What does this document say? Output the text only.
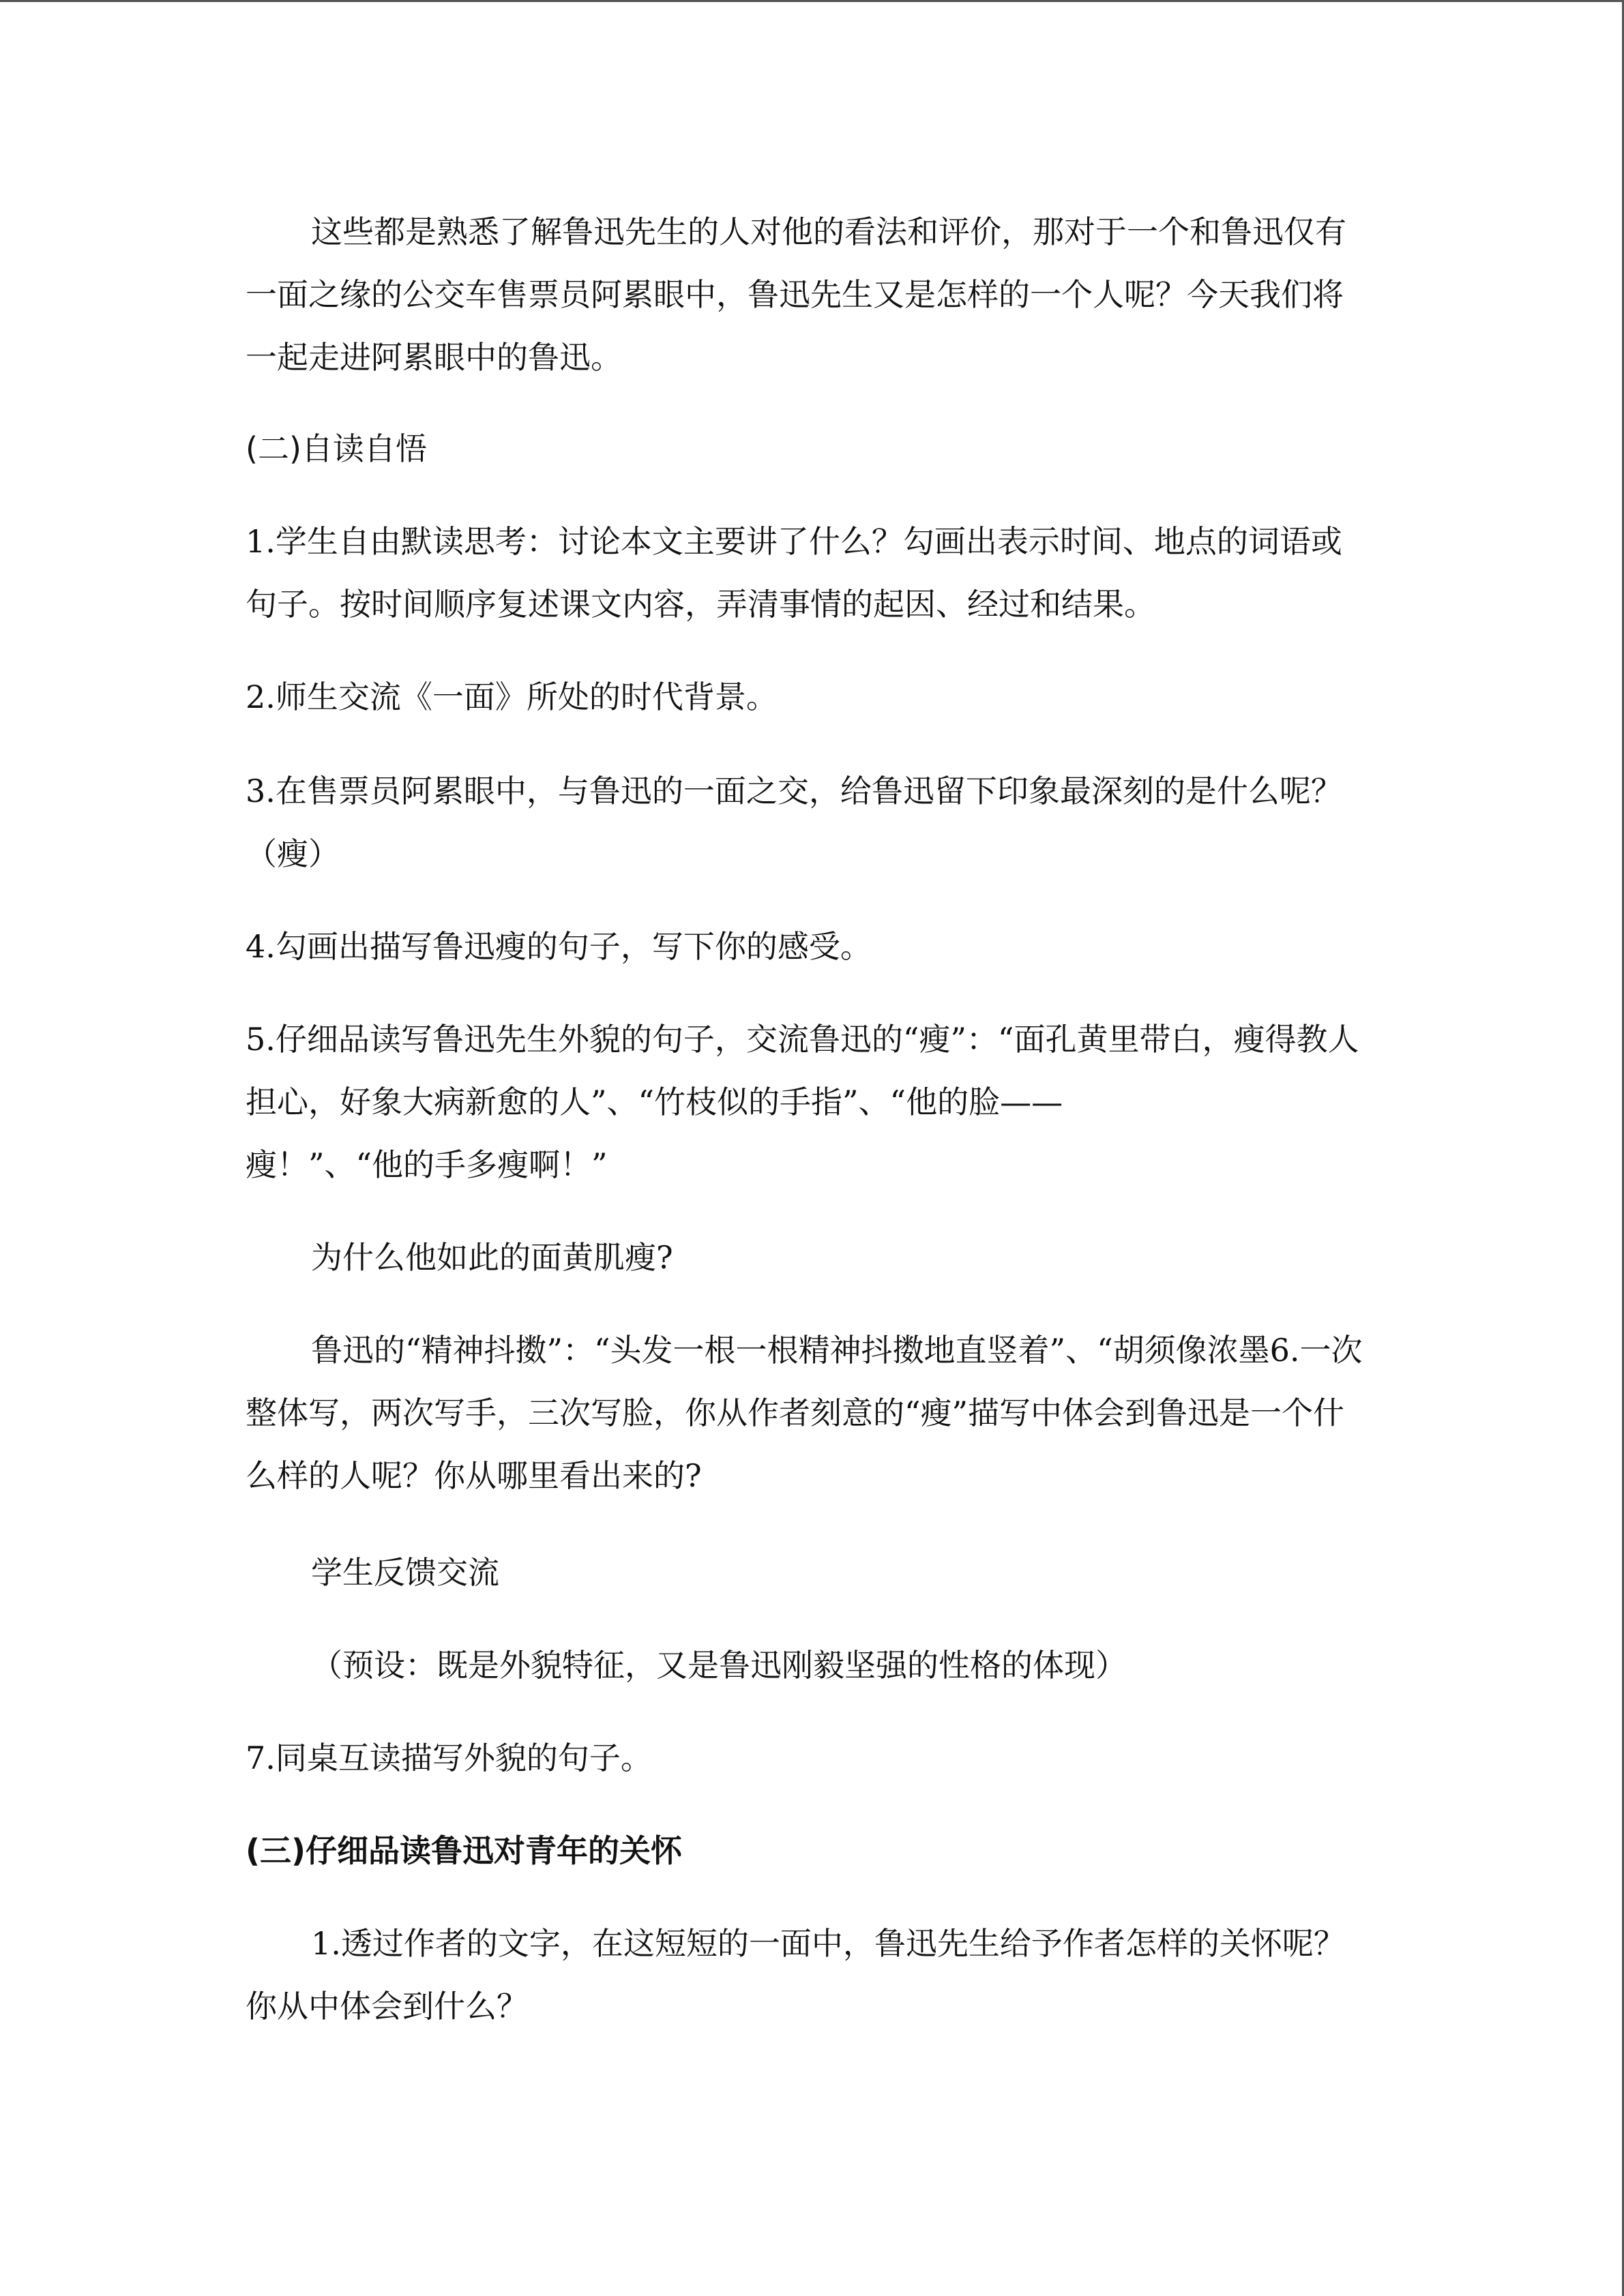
这些都是熟悉了解鲁迅先生的人对他的看法和评价，那对于一个和鲁迅仅有一面之缘的公交车售票员阿累眼中，鲁迅先生又是怎样的一个人呢？今天我们将一起走进阿累眼中的鲁迅。

(二)自读自悟

1.学生自由默读思考：讨论本文主要讲了什么？勾画出表示时间、地点的词语或句子。按时间顺序复述课文内容，弄清事情的起因、经过和结果。

2.师生交流《一面》所处的时代背景。

3.在售票员阿累眼中，与鲁迅的一面之交，给鲁迅留下印象最深刻的是什么呢？（瘦）

4.勾画出描写鲁迅瘦的句子，写下你的感受。

5.仔细品读写鲁迅先生外貌的句子，交流鲁迅的“瘦”：“面孔黄里带白，瘦得教人担心，好象大病新愈的人”、“竹枝似的手指”、“他的脸——
瘦！”、“他的手多瘦啊！”

为什么他如此的面黄肌瘦?

鲁迅的“精神抖擞”：“头发一根一根精神抖擞地直竖着”、“胡须像浓墨6.一次整体写，两次写手，三次写脸，你从作者刻意的“瘦”描写中体会到鲁迅是一个什么样的人呢？你从哪里看出来的?

学生反馈交流

（预设：既是外貌特征，又是鲁迅刚毅坚强的性格的体现）

7.同桌互读描写外貌的句子。

(三)仔细品读鲁迅对青年的关怀

1.透过作者的文字，在这短短的一面中，鲁迅先生给予作者怎样的关怀呢？你从中体会到什么？
